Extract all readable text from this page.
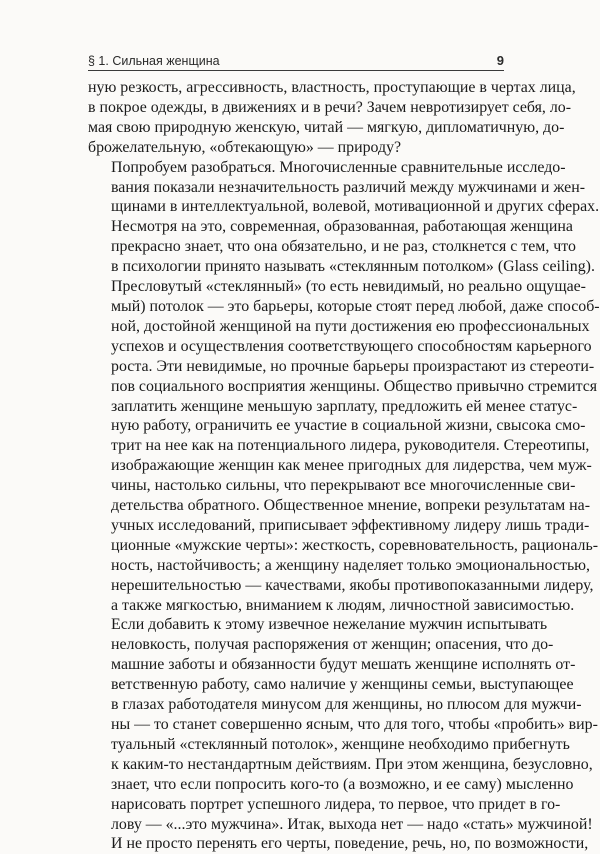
§ 1. Сильная женщина	9

ную резкость, агрессивность, властность, проступающие в чертах лица,
в покрое одежды, в движениях и в речи? Зачем невротизирует себя, ло-
мая свою природную женскую, читай — мягкую, дипломатичную, до-
брожелательную, «обтекающую» — природу?

Попробуем разобраться. Многочисленные сравнительные исследо-
вания показали незначительность различий между мужчинами и жен-
щинами в интеллектуальной, волевой, мотивационной и других сферах.
Несмотря на это, современная, образованная, работающая женщина
прекрасно знает, что она обязательно, и не раз, столкнется с тем, что
в психологии принято называть «стеклянным потолком» (Glass ceiling).
Пресловутый «стеклянный» (то есть невидимый, но реально ощущае-
мый) потолок — это барьеры, которые стоят перед любой, даже способ-
ной, достойной женщиной на пути достижения ею профессиональных
успехов и осуществления соответствующего способностям карьерного
роста. Эти невидимые, но прочные барьеры произрастают из стереоти-
пов социального восприятия женщины. Общество привычно стремится
заплатить женщине меньшую зарплату, предложить ей менее статус-
ную работу, ограничить ее участие в социальной жизни, свысока смо-
трит на нее как на потенциального лидера, руководителя. Стереотипы,
изображающие женщин как менее пригодных для лидерства, чем муж-
чины, настолько сильны, что перекрывают все многочисленные сви-
детельства обратного. Общественное мнение, вопреки результатам на-
учных исследований, приписывает эффективному лидеру лишь тради-
ционные «мужские черты»: жесткость, соревновательность, рациональ-
ность, настойчивость; а женщину наделяет только эмоциональностью,
нерешительностью — качествами, якобы противопоказанными лидеру,
а также мягкостью, вниманием к людям, личностной зависимостью.

Если добавить к этому извечное нежелание мужчин испытывать
неловкость, получая распоряжения от женщин; опасения, что до-
машние заботы и обязанности будут мешать женщине исполнять от-
ветственную работу, само наличие у женщины семьи, выступающее
в глазах работодателя минусом для женщины, но плюсом для мужчи-
ны — то станет совершенно ясным, что для того, чтобы «пробить» вир-
туальный «стеклянный потолок», женщине необходимо прибегнуть
к каким-то нестандартным действиям. При этом женщина, безусловно,
знает, что если попросить кого-то (а возможно, и ее саму) мысленно
нарисовать портрет успешного лидера, то первое, что придет в го-
лову — «...это мужчина». Итак, выхода нет — надо «стать» мужчиной!
И не просто перенять его черты, поведение, речь, но, по возможности,
